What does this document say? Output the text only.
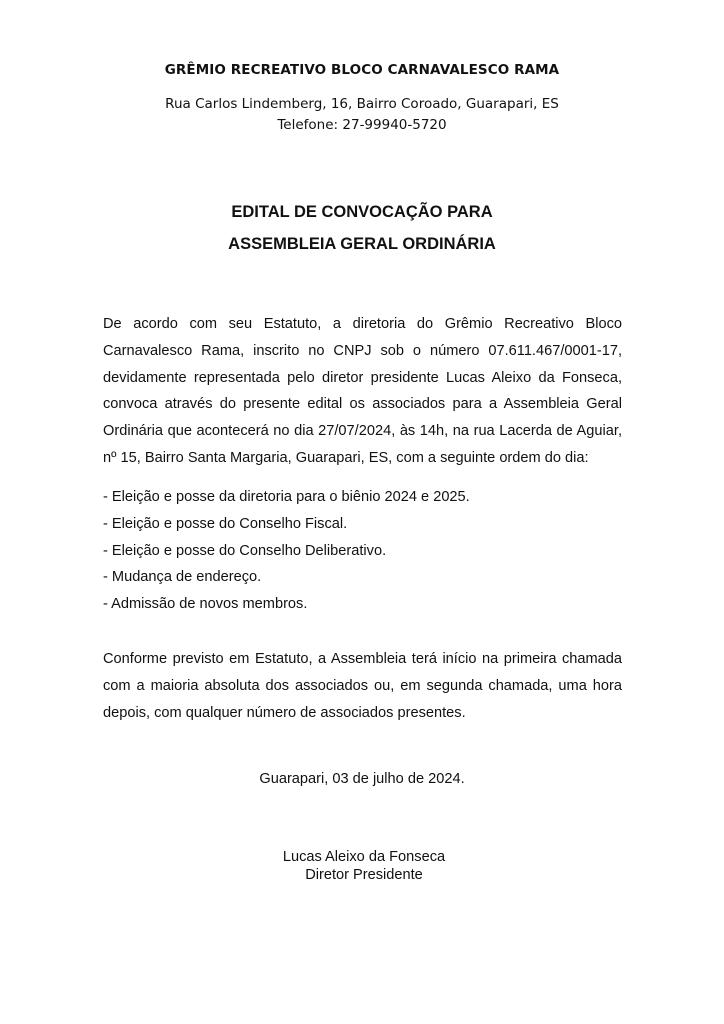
GRÊMIO RECREATIVO BLOCO CARNAVALESCO RAMA
Rua Carlos Lindemberg, 16, Bairro Coroado, Guarapari, ES
Telefone: 27-99940-5720
EDITAL DE CONVOCAÇÃO PARA
ASSEMBLEIA GERAL ORDINÁRIA
De acordo com seu Estatuto, a diretoria do Grêmio Recreativo Bloco Carnavalesco Rama, inscrito no CNPJ sob o número 07.611.467/0001-17, devidamente representada pelo diretor presidente Lucas Aleixo da Fonseca, convoca através do presente edital os associados para a Assembleia Geral Ordinária que acontecerá no dia 27/07/2024, às 14h, na rua Lacerda de Aguiar, nº 15, Bairro Santa Margaria, Guarapari, ES, com a seguinte ordem do dia:
- Eleição e posse da diretoria para o biênio 2024 e 2025.
- Eleição e posse do Conselho Fiscal.
- Eleição e posse do Conselho Deliberativo.
- Mudança de endereço.
- Admissão de novos membros.
Conforme previsto em Estatuto, a Assembleia terá início na primeira chamada com a maioria absoluta dos associados ou, em segunda chamada, uma hora depois, com qualquer número de associados presentes.
Guarapari, 03 de julho de 2024.
Lucas Aleixo da Fonseca
Diretor Presidente
